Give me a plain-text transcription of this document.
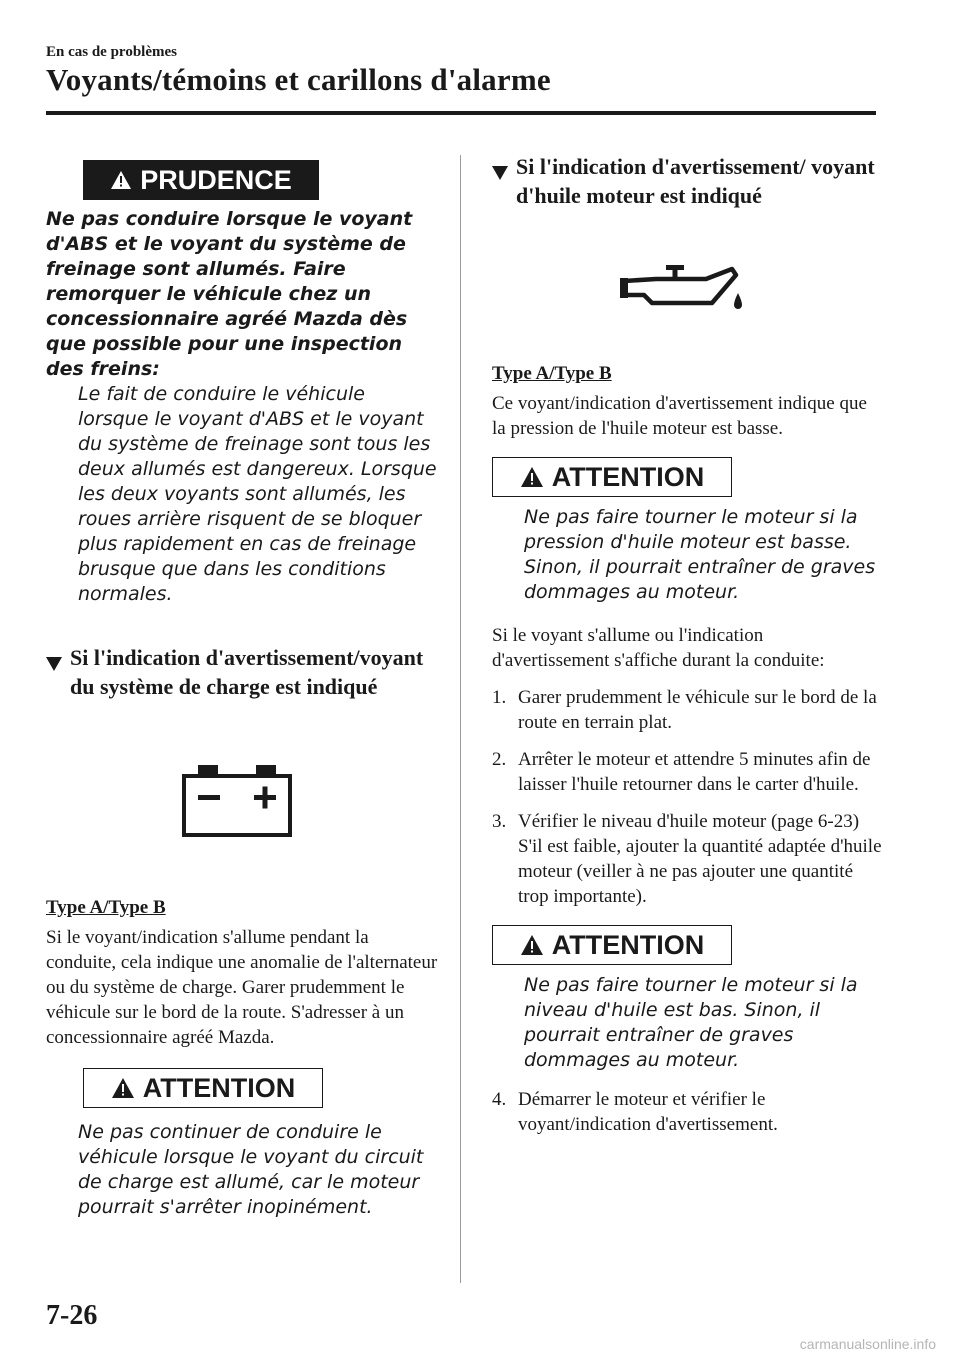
En cas de problèmes
Voyants/témoins et carillons d'alarme
PRUDENCE

Ne pas conduire lorsque le voyant d'ABS et le voyant du système de freinage sont allumés. Faire remorquer le véhicule chez un concessionnaire agréé Mazda dès que possible pour une inspection des freins:

Le fait de conduire le véhicule lorsque le voyant d'ABS et le voyant du système de freinage sont tous les deux allumés est dangereux. Lorsque les deux voyants sont allumés, les roues arrière risquent de se bloquer plus rapidement en cas de freinage brusque que dans les conditions normales.

Si l'indication d'avertissement/voyant du système de charge est indiqué

Type A/Type B

Si le voyant/indication s'allume pendant la conduite, cela indique une anomalie de l'alternateur ou du système de charge. Garer prudemment le véhicule sur le bord de la route. S'adresser à un concessionnaire agréé Mazda.

ATTENTION

Ne pas continuer de conduire le véhicule lorsque le voyant du circuit de charge est allumé, car le moteur pourrait s'arrêter inopinément.

Si l'indication d'avertissement/ voyant d'huile moteur est indiqué

Type A/Type B

Ce voyant/indication d'avertissement indique que la pression de l'huile moteur est basse.

ATTENTION

Ne pas faire tourner le moteur si la pression d'huile moteur est basse. Sinon, il pourrait entraîner de graves dommages au moteur.

Si le voyant s'allume ou l'indication d'avertissement s'affiche durant la conduite:

1. Garer prudemment le véhicule sur le bord de la route en terrain plat.
2. Arrêter le moteur et attendre 5 minutes afin de laisser l'huile retourner dans le carter d'huile.
3. Vérifier le niveau d'huile moteur (page 6-23) S'il est faible, ajouter la quantité adaptée d'huile moteur (veiller à ne pas ajouter une quantité trop importante).
ATTENTION

Ne pas faire tourner le moteur si la niveau d'huile est bas. Sinon, il pourrait entraîner de graves dommages au moteur.

4. Démarrer le moteur et vérifier le voyant/indication d'avertissement.
7-26
carmanualsonline.info
